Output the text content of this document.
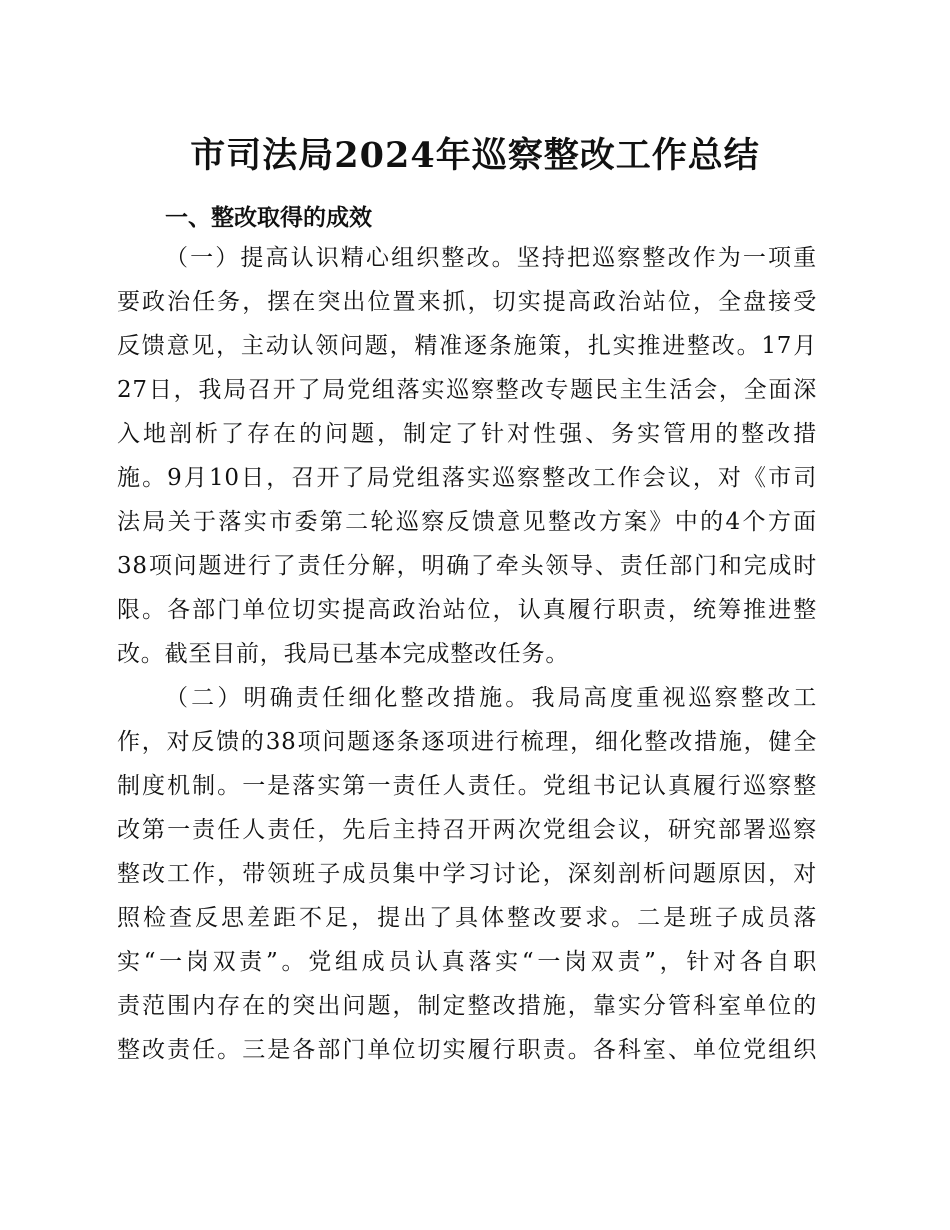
市司法局2024年巡察整改工作总结
一、整改取得的成效

（一）提高认识精心组织整改。坚持把巡察整改作为一项重

要政治任务，摆在突出位置来抓，切实提高政治站位，全盘接受

反馈意见，主动认领问题，精准逐条施策，扎实推进整改。17月

27日，我局召开了局党组落实巡察整改专题民主生活会，全面深

入地剖析了存在的问题，制定了针对性强、务实管用的整改措

施。9月10日，召开了局党组落实巡察整改工作会议，对《市司

法局关于落实市委第二轮巡察反馈意见整改方案》中的4个方面

38项问题进行了责任分解，明确了牵头领导、责任部门和完成时

限。各部门单位切实提高政治站位，认真履行职责，统筹推进整

改。截至目前，我局已基本完成整改任务。

（二）明确责任细化整改措施。我局高度重视巡察整改工

作，对反馈的38项问题逐条逐项进行梳理，细化整改措施，健全

制度机制。一是落实第一责任人责任。党组书记认真履行巡察整

改第一责任人责任，先后主持召开两次党组会议，研究部署巡察

整改工作，带领班子成员集中学习讨论，深刻剖析问题原因，对

照检查反思差距不足，提出了具体整改要求。二是班子成员落

实“一岗双责”。党组成员认真落实“一岗双责”，针对各自职

责范围内存在的突出问题，制定整改措施，靠实分管科室单位的

整改责任。三是各部门单位切实履行职责。各科室、单位党组织
